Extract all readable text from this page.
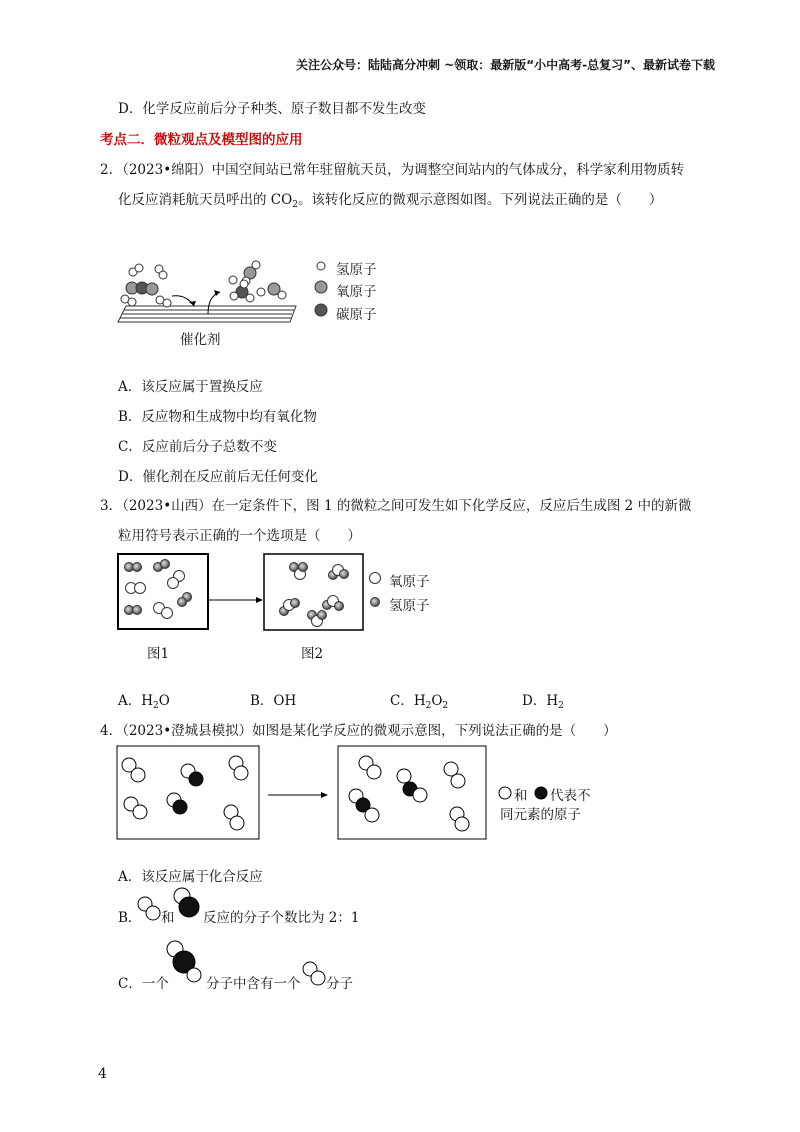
关注公众号：陆陆高分冲刺 ~领取：最新版“小中高考-总复习”、最新试卷下载
D．化学反应前后分子种类、原子数目都不发生改变
考点二．微粒观点及模型图的应用
2．（2023•绵阳）中国空间站已常年驻留航天员，为调整空间站内的气体成分，科学家利用物质转
化反应消耗航天员呼出的 $CO_2$。该转化反应的微观示意图如图。下列说法正确的是（　　）
氢原子
氧原子
碳原子
催化剂
A．该反应属于置换反应
B．反应物和生成物中均有氧化物
C．反应前后分子总数不变
D．催化剂在反应前后无任何变化
3．（2023•山西）在一定条件下，图 1 的微粒之间可发生如下化学反应，反应后生成图 2 中的新微
粒用符号表示正确的一个选项是（　　）
氧原子
氢原子
图1	图2
A．$H_2O$	B．OH	C．$H_2O_2$	D．$H_2$
4．（2023•澄城县模拟）如图是某化学反应的微观示意图，下列说法正确的是（　　）
和 代表不
同元素的原子
A．该反应属于化合反应
B． 和 反应的分子个数比为 2：1
C．一个	分子中含有一个 分子
4
